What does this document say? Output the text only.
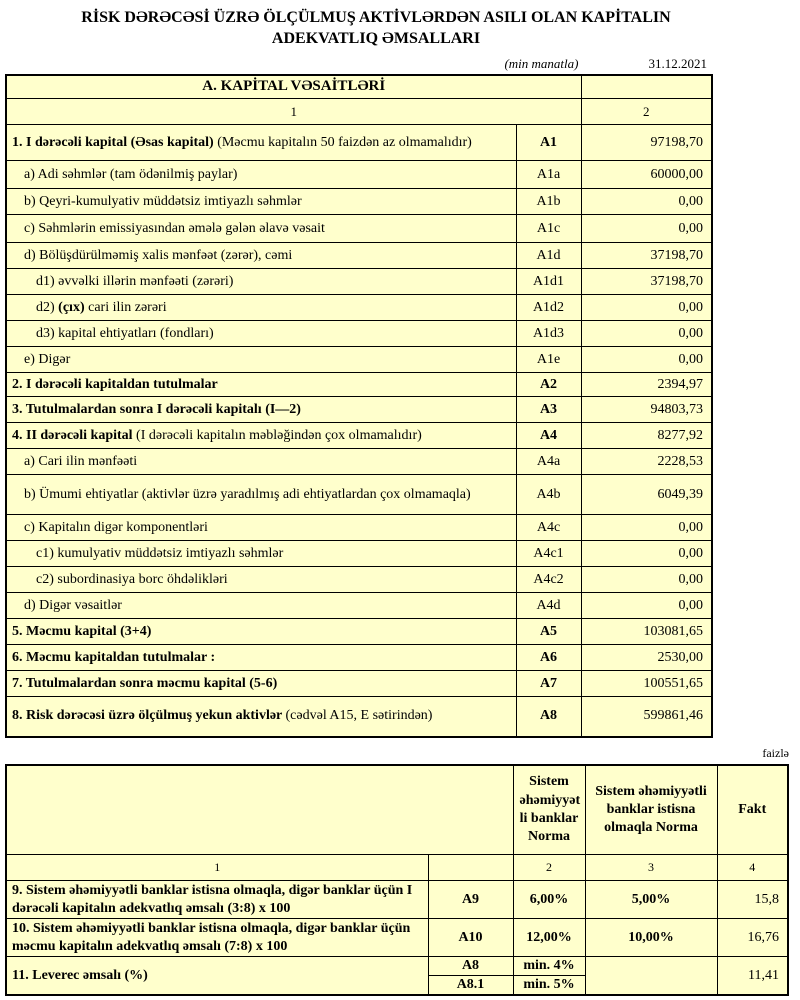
RİSK DƏRƏCƏSİ ÜZRƏ ÖLÇÜLMUŞ AKTİVLƏRDƏN ASILI OLAN KAPİTALIN
ADEKVATLIQ ƏMSALLARI
(min manatla)	31.12.2021
A. KAPİTAL VƏSAİTLƏRİ		
1		2
1. I dərəcəli kapital (Əsas kapital) (Məcmu kapitalın 50 faizdən az olmamalıdır)	A1	97198,70
a) Adi səhmlər (tam ödənilmiş paylar)	A1a	60000,00
b) Qeyri-kumulyativ müddətsiz imtiyazlı səhmlər	A1b	0,00
c) Səhmlərin emissiyasından əmələ gələn əlavə vəsait	A1c	0,00
d) Bölüşdürülməmiş xalis mənfəət (zərər), cəmi	A1d	37198,70
d1) əvvəlki illərin mənfəəti (zərəri)	A1d1	37198,70
d2) (çıx) cari ilin zərəri	A1d2	0,00
d3) kapital ehtiyatları (fondları)	A1d3	0,00
e) Digər	A1e	0,00
2. I dərəcəli kapitaldan tutulmalar	A2	2394,97
3. Tutulmalardan sonra I dərəcəli kapitalı (I—2)	A3	94803,73
4. II dərəcəli kapital (I dərəcəli kapitalın məbləğindən çox olmamalıdır)	A4	8277,92
a) Cari ilin mənfəəti	A4a	2228,53
b) Ümumi ehtiyatlar (aktivlər üzrə yaradılmış adi ehtiyatlardan çox olmamaqla)	A4b	6049,39
c) Kapitalın digər komponentləri	A4c	0,00
c1) kumulyativ müddətsiz imtiyazlı səhmlər	A4c1	0,00
c2) subordinasiya borc öhdəlikləri	A4c2	0,00
d) Digər vəsaitlər	A4d	0,00
5. Məcmu kapital (3+4)	A5	103081,65
6. Məcmu kapitaldan tutulmalar :	A6	2530,00
7. Tutulmalardan sonra məcmu kapital (5-6)	A7	100551,65
8. Risk dərəcəsi üzrə ölçülmuş yekun aktivlər (cədvəl A15, E sətirindən)	A8	599861,46
faizlə
		Sistem əhəmiyyət li banklar Norma	Sistem əhəmiyyətli banklar istisna olmaqla Norma	Fakt
1		2	3	4
9. Sistem əhəmiyyətli banklar istisna olmaqla, digər banklar üçün I dərəcəli kapitalın adekvatlıq əmsalı (3:8) x 100	A9	6,00%	5,00%	15,8
10. Sistem əhəmiyyətli banklar istisna olmaqla, digər banklar üçün məcmu kapitalın adekvatlıq əmsalı (7:8) x 100	A10	12,00%	10,00%	16,76
11. Leverec əmsalı (%)	A8	min. 4%		11,41
	A8.1	min. 5%		
